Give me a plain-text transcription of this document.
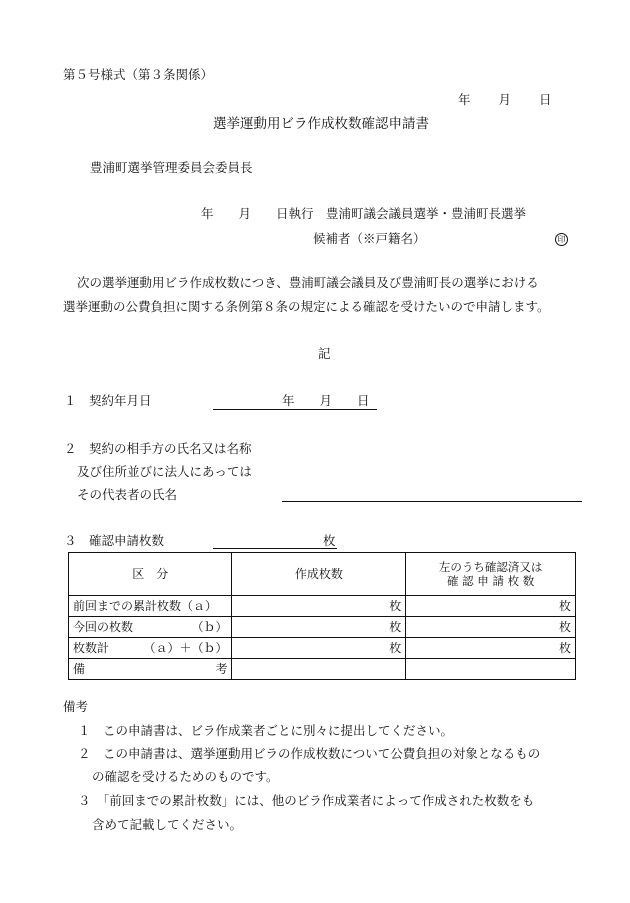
第５号様式（第３条関係）
年　　月　　日
選挙運動用ビラ作成枚数確認申請書
豊浦町選挙管理委員会委員長
年　　月　　日執行　豊浦町議会議員選挙・豊浦町長選挙
候補者（※戸籍名）	印
次の選挙運動用ビラ作成枚数につき、豊浦町議会議員及び豊浦町長の選挙における
選挙運動の公費負担に関する条例第８条の規定による確認を受けたいので申請します。
記
１　契約年月日	年　　月　　日
２　契約の相手方の氏名又は名称
及び住所並びに法人にあっては
その代表者の氏名
３　確認申請枚数	枚
区　分	作成枚数	左のうち確認済又は
確 認 申 請 枚 数

前回までの累計枚数（ａ）	枚	枚

今回の枚数 （ｂ）	枚	枚

枚数計 （ａ）＋（ｂ）	枚	枚

備 考		

備考
１　この申請書は、ビラ作成業者ごとに別々に提出してください。
２　この申請書は、選挙運動用ビラの作成枚数について公費負担の対象となるもの
の確認を受けるためのものです。
３　「前回までの累計枚数」には、他のビラ作成業者によって作成された枚数をも
含めて記載してください。
